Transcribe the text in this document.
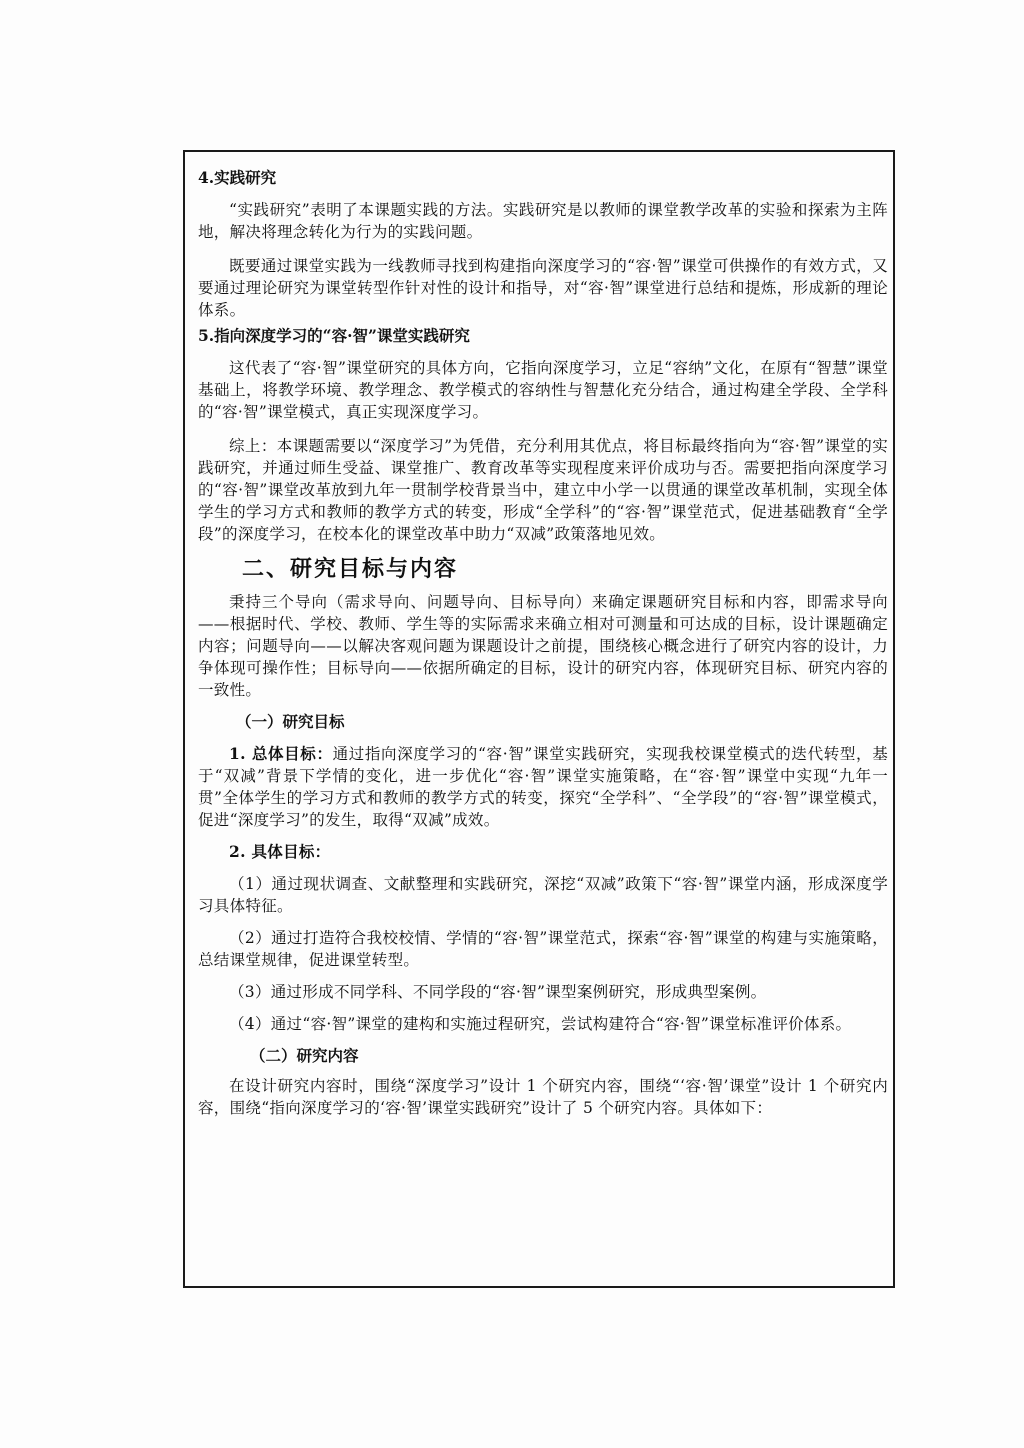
4.实践研究
“实践研究”表明了本课题实践的方法。实践研究是以教师的课堂教学改革的实验和探索为主阵地，解决将理念转化为行为的实践问题。
既要通过课堂实践为一线教师寻找到构建指向深度学习的“容·智”课堂可供操作的有效方式，又要通过理论研究为课堂转型作针对性的设计和指导，对“容·智”课堂进行总结和提炼，形成新的理论体系。
5.指向深度学习的“容·智”课堂实践研究
这代表了“容·智”课堂研究的具体方向，它指向深度学习，立足“容纳”文化，在原有“智慧”课堂基础上，将教学环境、教学理念、教学模式的容纳性与智慧化充分结合，通过构建全学段、全学科的“容·智”课堂模式，真正实现深度学习。
综上：本课题需要以“深度学习”为凭借，充分利用其优点，将目标最终指向为“容·智”课堂的实践研究，并通过师生受益、课堂推广、教育改革等实现程度来评价成功与否。需要把指向深度学习的“容·智”课堂改革放到九年一贯制学校背景当中，建立中小学一以贯通的课堂改革机制，实现全体学生的学习方式和教师的教学方式的转变，形成“全学科”的“容·智”课堂范式，促进基础教育“全学段”的深度学习，在校本化的课堂改革中助力“双减”政策落地见效。
二、研究目标与内容
秉持三个导向（需求导向、问题导向、目标导向）来确定课题研究目标和内容，即需求导向——根据时代、学校、教师、学生等的实际需求来确立相对可测量和可达成的目标，设计课题确定内容；问题导向——以解决客观问题为课题设计之前提，围绕核心概念进行了研究内容的设计，力争体现可操作性；目标导向——依据所确定的目标，设计的研究内容，体现研究目标、研究内容的一致性。
（一）研究目标
1. 总体目标：通过指向深度学习的“容·智”课堂实践研究，实现我校课堂模式的迭代转型，基于“双减”背景下学情的变化，进一步优化“容·智”课堂实施策略，在“容·智”课堂中实现“九年一贯”全体学生的学习方式和教师的教学方式的转变，探究“全学科”、“全学段”的“容·智”课堂模式，促进“深度学习”的发生，取得“双减”成效。
2. 具体目标：
（1）通过现状调查、文献整理和实践研究，深挖“双减”政策下“容·智”课堂内涵，形成深度学习具体特征。
（2）通过打造符合我校校情、学情的“容·智”课堂范式，探索“容·智”课堂的构建与实施策略，总结课堂规律，促进课堂转型。
（3）通过形成不同学科、不同学段的“容·智”课型案例研究，形成典型案例。
（4）通过“容·智”课堂的建构和实施过程研究，尝试构建符合“容·智”课堂标准评价体系。
（二）研究内容
在设计研究内容时，围绕“深度学习”设计 1 个研究内容，围绕“‘容·智’课堂”设计 1 个研究内容，围绕“指向深度学习的‘容·智’课堂实践研究”设计了 5 个研究内容。具体如下：
